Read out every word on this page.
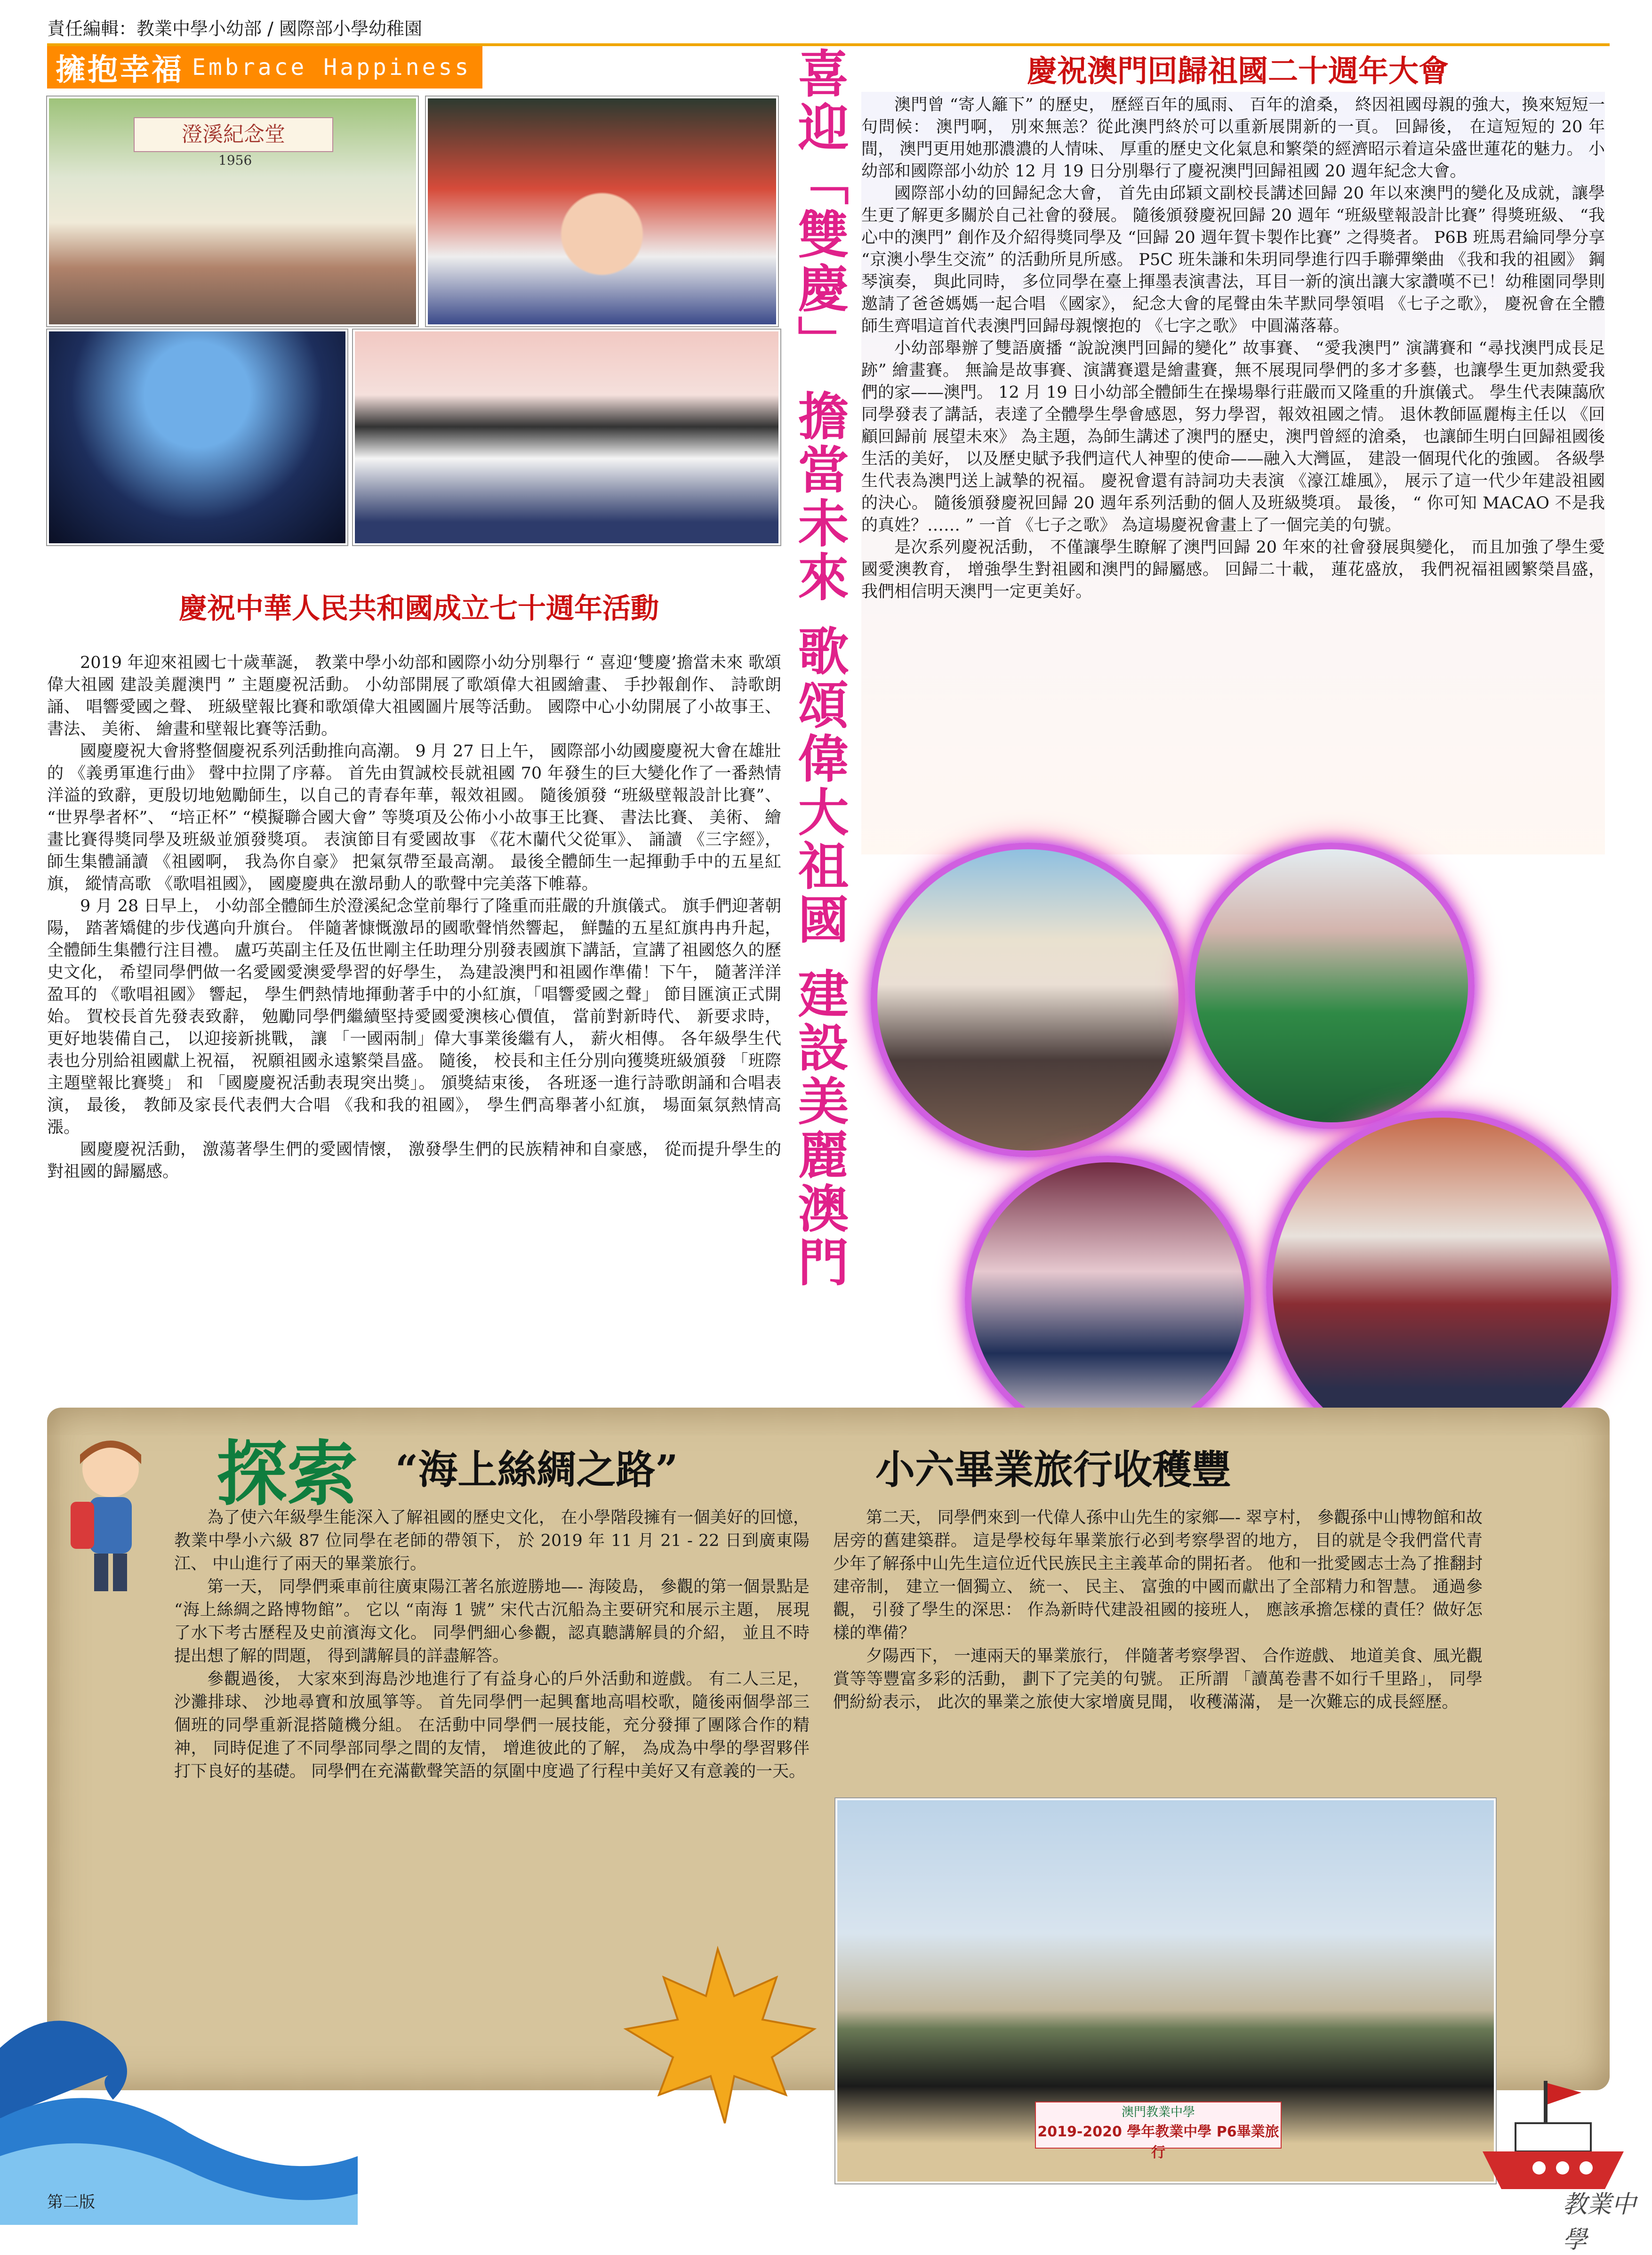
責任編輯：教業中學小幼部 / 國際部小學幼稚園
擁抱幸福 Embrace Happiness
澄溪紀念堂
1956	喜迎「雙慶」 擔當未來 歌頌偉大祖國 建設美麗澳門	慶祝澳門回歸祖國二十週年大會

澳門曾 “寄人籬下” 的歷史， 歷經百年的風雨、 百年的滄桑， 終因祖國母親的強大，換來短短一句問候： 澳門啊， 別來無恙？從此澳門終於可以重新展開新的一頁。 回歸後， 在這短短的 20 年間， 澳門更用她那濃濃的人情味、 厚重的歷史文化氣息和繁榮的經濟昭示着這朵盛世蓮花的魅力。 小幼部和國際部小幼於 12 月 19 日分別舉行了慶祝澳門回歸祖國 20 週年紀念大會。

國際部小幼的回歸紀念大會， 首先由邱穎文副校長講述回歸 20 年以來澳門的變化及成就，讓學生更了解更多關於自己社會的發展。 隨後頒發慶祝回歸 20 週年 “班級壁報設計比賽” 得獎班級、 “我心中的澳門” 創作及介紹得獎同學及 “回歸 20 週年賀卡製作比賽” 之得獎者。 P6B 班馬君綸同學分享 “京澳小學生交流” 的活動所見所感。 P5C 班朱謙和朱玥同學進行四手聯彈樂曲 《我和我的祖國》 鋼琴演奏， 與此同時， 多位同學在臺上揮墨表演書法，耳目一新的演出讓大家讚嘆不已！幼稚園同學則邀請了爸爸媽媽一起合唱 《國家》， 紀念大會的尾聲由朱芊默同學領唱 《七子之歌》， 慶祝會在全體師生齊唱這首代表澳門回歸母親懷抱的 《七字之歌》 中圓滿落幕。

小幼部舉辦了雙語廣播 “說說澳門回歸的變化” 故事賽、 “愛我澳門” 演講賽和 “尋找澳門成長足跡” 繪畫賽。 無論是故事賽、演講賽還是繪畫賽，無不展現同學們的多才多藝，也讓學生更加熱愛我們的家——澳門。 12 月 19 日小幼部全體師生在操場舉行莊嚴而又隆重的升旗儀式。 學生代表陳藹欣同學發表了講話，表達了全體學生學會感恩，努力學習，報效祖國之情。 退休教師區麗梅主任以 《回顧回歸前 展望未來》 為主題，為師生講述了澳門的歷史，澳門曾經的滄桑， 也讓師生明白回歸祖國後生活的美好， 以及歷史賦予我們這代人神聖的使命——融入大灣區， 建設一個現代化的強國。 各級學生代表為澳門送上誠摯的祝福。 慶祝會還有詩詞功夫表演 《濠江雄風》， 展示了這一代少年建設祖國的決心。 隨後頒發慶祝回歸 20 週年系列活動的個人及班級獎項。 最後， “ 你可知 MACAO 不是我的真姓？…… ” 一首 《七子之歌》 為這場慶祝會畫上了一個完美的句號。

是次系列慶祝活動， 不僅讓學生瞭解了澳門回歸 20 年來的社會發展與變化， 而且加強了學生愛國愛澳教育， 增強學生對祖國和澳門的歸屬感。 回歸二十載， 蓮花盛放， 我們祝福祖國繁榮昌盛， 我們相信明天澳門一定更美好。

慶祝中華人民共和國成立七十週年活動

2019 年迎來祖國七十歲華誕， 教業中學小幼部和國際小幼分別舉行 “ 喜迎‘雙慶’擔當未來 歌頌偉大祖國 建設美麗澳門 ” 主題慶祝活動。 小幼部開展了歌頌偉大祖國繪畫、 手抄報創作、 詩歌朗誦、 唱響愛國之聲、 班級壁報比賽和歌頌偉大祖國圖片展等活動。 國際中心小幼開展了小故事王、 書法、 美術、 繪畫和壁報比賽等活動。

國慶慶祝大會將整個慶祝系列活動推向高潮。 9 月 27 日上午， 國際部小幼國慶慶祝大會在雄壯的 《義勇軍進行曲》 聲中拉開了序幕。 首先由賀誠校長就祖國 70 年發生的巨大變化作了一番熱情洋溢的致辭，更殷切地勉勵師生，以自己的青春年華，報效祖國。 隨後頒發 “班級壁報設計比賽”、 “世界學者杯”、 “培正杯” “模擬聯合國大會” 等獎項及公佈小小故事王比賽、 書法比賽、 美術、 繪畫比賽得獎同學及班級並頒發獎項。 表演節目有愛國故事 《花木蘭代父從軍》、 誦讀 《三字經》， 師生集體誦讀 《祖國啊， 我為你自豪》 把氣氛帶至最高潮。 最後全體師生一起揮動手中的五星紅旗， 縱情高歌 《歌唱祖國》， 國慶慶典在激昂動人的歌聲中完美落下帷幕。

9 月 28 日早上， 小幼部全體師生於澄溪紀念堂前舉行了隆重而莊嚴的升旗儀式。 旗手們迎著朝陽， 踏著矯健的步伐邁向升旗台。 伴隨著慷慨激昂的國歌聲悄然響起， 鮮豔的五星紅旗冉冉升起， 全體師生集體行注目禮。 盧巧英副主任及伍世剛主任助理分別發表國旗下講話，宣講了祖國悠久的歷史文化， 希望同學們做一名愛國愛澳愛學習的好學生， 為建設澳門和祖國作準備！下午， 隨著洋洋盈耳的 《歌唱祖國》 響起， 學生們熱情地揮動著手中的小紅旗，「唱響愛國之聲」 節目匯演正式開始。 賀校長首先發表致辭， 勉勵同學們繼續堅持愛國愛澳核心價值， 當前對新時代、 新要求時， 更好地裝備自己， 以迎接新挑戰， 讓 「一國兩制」偉大事業後繼有人， 薪火相傳。 各年級學生代表也分別給祖國獻上祝福， 祝願祖國永遠繁榮昌盛。 隨後， 校長和主任分別向獲獎班級頒發 「班際主題壁報比賽獎」 和 「國慶慶祝活動表現突出獎」。 頒獎結束後， 各班逐一進行詩歌朗誦和合唱表演， 最後， 教師及家長代表們大合唱 《我和我的祖國》， 學生們高舉著小紅旗， 場面氣氛熱情高漲。

國慶慶祝活動， 激蕩著學生們的愛國情懷， 激發學生們的民族精神和自豪感， 從而提升學生的對祖國的歸屬感。

探索 “海上絲綢之路”	小六畢業旅行收穫豐

為了使六年級學生能深入了解祖國的歷史文化， 在小學階段擁有一個美好的回憶， 教業中學小六級 87 位同學在老師的帶領下， 於 2019 年 11 月 21 - 22 日到廣東陽江、 中山進行了兩天的畢業旅行。

第一天， 同學們乘車前往廣東陽江著名旅遊勝地—- 海陵島， 參觀的第一個景點是 “海上絲綢之路博物館”。 它以 “南海 1 號” 宋代古沉船為主要研究和展示主題， 展現了水下考古歷程及史前濱海文化。 同學們細心參觀，認真聽講解員的介紹， 並且不時提出想了解的問題， 得到講解員的詳盡解答。

參觀過後， 大家來到海島沙地進行了有益身心的戶外活動和遊戲。 有二人三足， 沙灘排球、 沙地尋寶和放風箏等。 首先同學們一起興奮地高唱校歌，隨後兩個學部三個班的同學重新混搭隨機分組。 在活動中同學們一展技能，充分發揮了團隊合作的精神， 同時促進了不同學部同學之間的友情， 增進彼此的了解， 為成為中學的學習夥伴打下良好的基礎。 同學們在充滿歡聲笑語的氛圍中度過了行程中美好又有意義的一天。

第二天， 同學們來到一代偉人孫中山先生的家鄉—- 翠亨村， 參觀孫中山博物館和故居旁的舊建築群。 這是學校每年畢業旅行必到考察學習的地方， 目的就是令我們當代青少年了解孫中山先生這位近代民族民主主義革命的開拓者。 他和一批愛國志士為了推翻封建帝制， 建立一個獨立、 統一、 民主、 富強的中國而獻出了全部精力和智慧。 通過參觀， 引發了學生的深思： 作為新時代建設祖國的接班人， 應該承擔怎樣的責任？做好怎樣的準備？

夕陽西下， 一連兩天的畢業旅行， 伴隨著考察學習、 合作遊戲、 地道美食、風光觀賞等等豐富多彩的活動， 劃下了完美的句號。 正所謂 「讀萬卷書不如行千里路」， 同學們紛紛表示， 此次的畢業之旅使大家增廣見聞， 收穫滿滿， 是一次難忘的成長經歷。

澳門教業中學
2019-2020 學年教業中學 P6畢業旅行
第二版	教業中學
